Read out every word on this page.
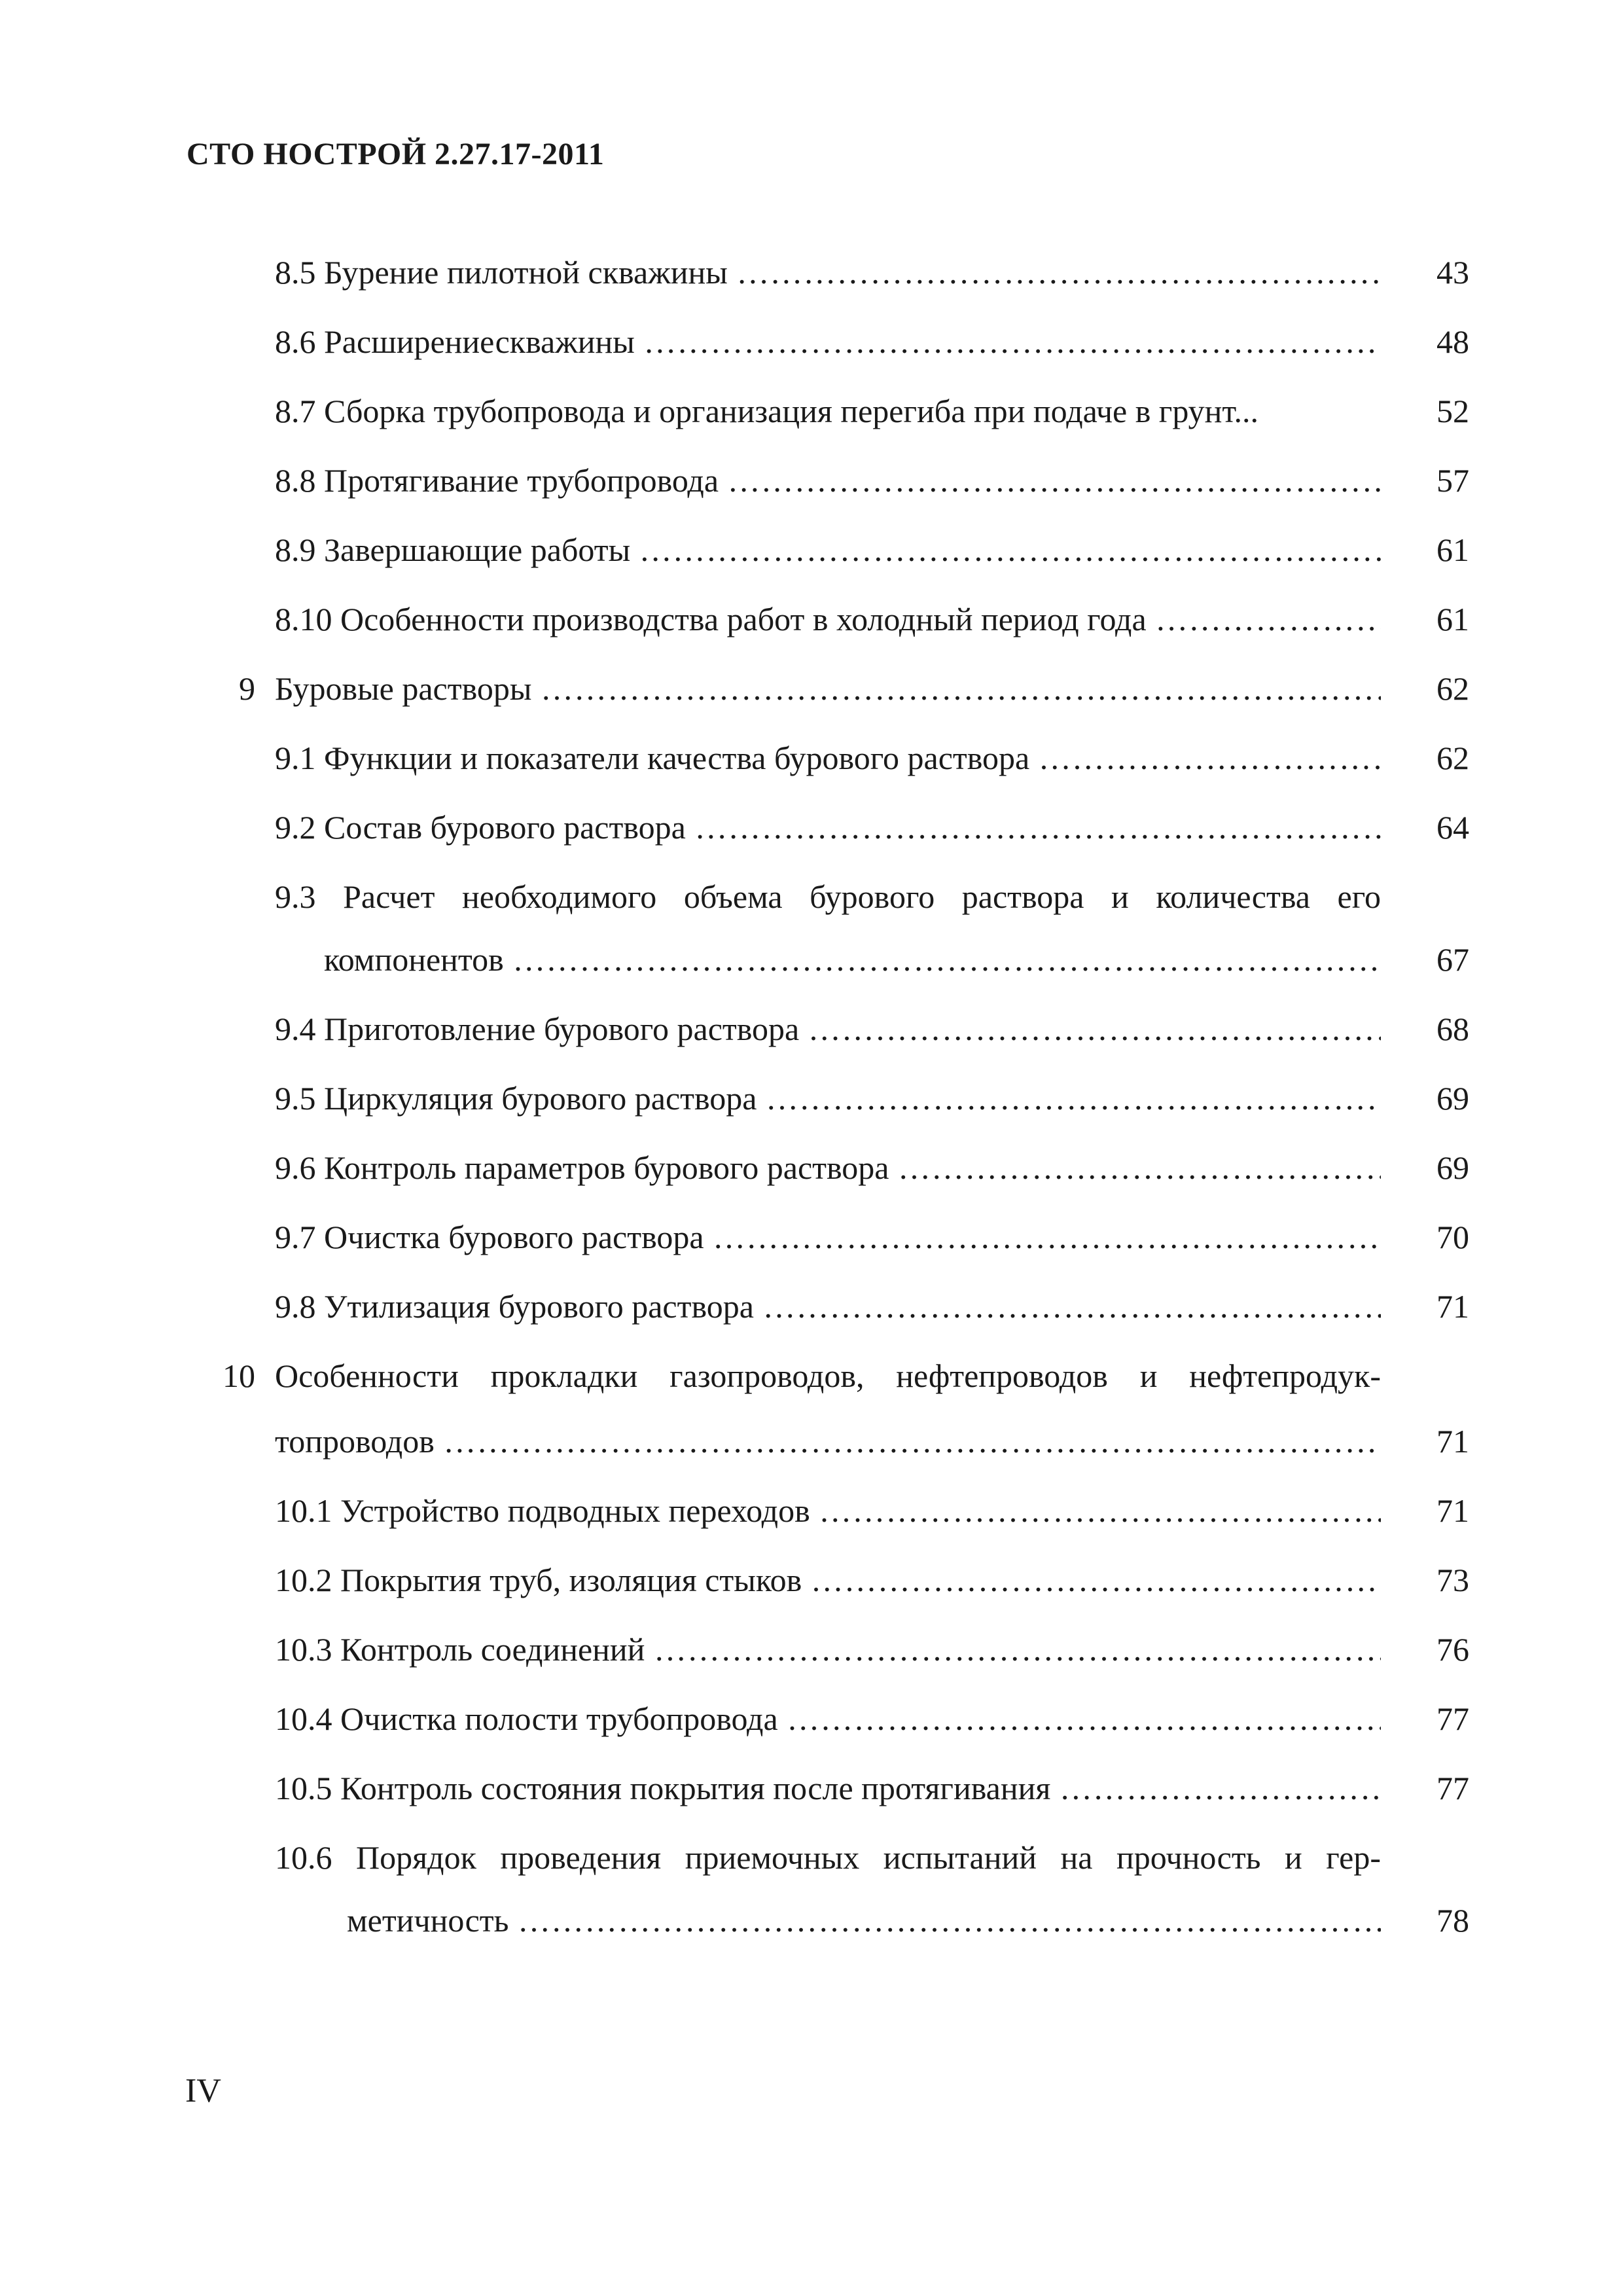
СТО НОСТРОЙ 2.27.17-2011
8.5 Бурение пилотной скважины ……………………………………………………………………………………………………………………………	43
8.6 Расширениескважины ……………………………………………………………………………………………………………………………	48
8.7 Сборка трубопровода и организация перегиба при подаче в грунт...	52
8.8 Протягивание трубопровода ……………………………………………………………………………………………………………………………	57
8.9 Завершающие работы ……………………………………………………………………………………………………………………………	61
8.10 Особенности производства работ в холодный период года ……………………………………………………………………………………………………………………………	61
9 Буровые растворы ……………………………………………………………………………………………………………………………	62
9.1 Функции и показатели качества бурового раствора ……………………………………………………………………………………………………………………………	62
9.2 Состав бурового раствора ……………………………………………………………………………………………………………………………	64
9.3 Расчет необходимого объема бурового раствора и количества его
компонентов ……………………………………………………………………………………………………………………………	67
9.4 Приготовление бурового раствора ……………………………………………………………………………………………………………………………	68
9.5 Циркуляция бурового раствора ……………………………………………………………………………………………………………………………	69
9.6 Контроль параметров бурового раствора ……………………………………………………………………………………………………………………………	69
9.7 Очистка бурового раствора ……………………………………………………………………………………………………………………………	70
9.8 Утилизация бурового раствора ……………………………………………………………………………………………………………………………	71
10 Особенности прокладки газопроводов, нефтепроводов и нефтепродук-
топроводов ……………………………………………………………………………………………………………………………	71
10.1 Устройство подводных переходов ……………………………………………………………………………………………………………………………	71
10.2 Покрытия труб, изоляция стыков ……………………………………………………………………………………………………………………………	73
10.3 Контроль соединений ……………………………………………………………………………………………………………………………	76
10.4 Очистка полости трубопровода ……………………………………………………………………………………………………………………………	77
10.5 Контроль состояния покрытия после протягивания ……………………………………………………………………………………………………………………………	77
10.6 Порядок проведения приемочных испытаний на прочность и гер-
метичность ……………………………………………………………………………………………………………………………	78
IV
